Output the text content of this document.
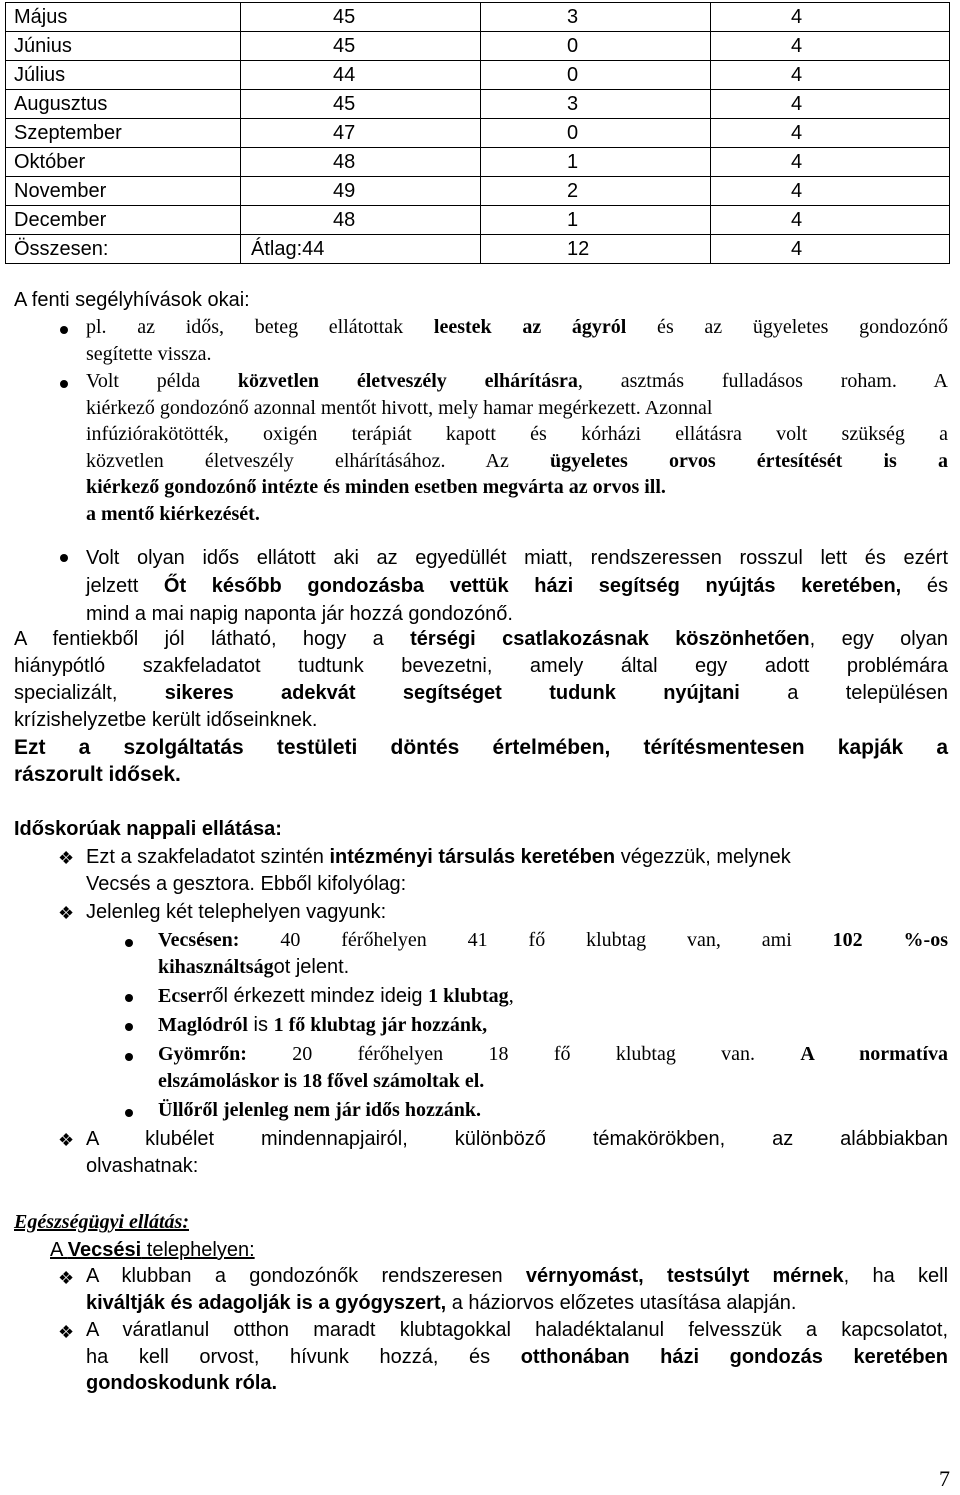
Május	45	3	4
Június	45	0	4
Július	44	0	4
Augusztus	45	3	4
Szeptember	47	0	4
Október	48	1	4
November	49	2	4
December	48	1	4
Összesen:	Átlag:44	12	4
A fenti segélyhívások okai:
pl. az idős, beteg ellátottak leestek az ágyról és az ügyeletes gondozónő
segítette vissza.
Volt példa közvetlen életveszély elhárításra, asztmás fulladásos roham. A
kiérkező gondozónő azonnal mentőt hivott, mely hamar megérkezett. Azonnal
infúziórakötötték, oxigén terápiát kapott és kórházi ellátásra volt szükség a
közvetlen életveszély elhárításához. Az ügyeletes orvos értesítését is a
kiérkező gondozónő intézte és minden esetben megvárta az orvos ill.
a mentő kiérkezését.
Volt olyan idős ellátott aki az egyedüllét miatt, rendszeressen rosszul lett és ezért
jelzett Őt később gondozásba vettük házi segítség nyújtás keretében, és
mind a mai napig naponta jár hozzá gondozónő.
A fentiekből jól látható, hogy a térségi csatlakozásnak köszönhetően, egy olyan
hiánypótló szakfeladatot tudtunk bevezetni, amely által egy adott problémára
specializált, sikeres adekvát segítséget tudunk nyújtani a településen
krízishelyzetbe került időseinknek.
Ezt a szolgáltatás testületi döntés értelmében, térítésmentesen kapják a
rászorult idősek.
Időskorúak nappali ellátása:
❖ Ezt a szakfeladatot szintén intézményi társulás keretében végezzük, melynek
Vecsés a gesztora. Ebből kifolyólag:
❖ Jelenleg két telephelyen vagyunk:
Vecsésen: 40 férőhelyen 41 fő klubtag van, ami 102 %-os
kihasználtságot jelent.
Ecserről érkezett mindez ideig 1 klubtag,
Maglódról is 1 fő klubtag jár hozzánk,
Gyömrőn: 20 férőhelyen 18 fő klubtag van. A normatíva
elszámoláskor is 18 fővel számoltak el.
Üllőről jelenleg nem jár idős hozzánk.
❖ A klubélet mindennapjairól, különböző témakörökben, az alábbiakban
olvashatnak:
Egészségügyi ellátás:
A Vecsési telephelyen:
❖ A klubban a gondozónők rendszeresen vérnyomást, testsúlyt mérnek, ha kell
kiváltják és adagolják is a gyógyszert, a háziorvos előzetes utasítása alapján.
❖ A váratlanul otthon maradt klubtagokkal haladéktalanul felvesszük a kapcsolatot,
ha kell orvost, hívunk hozzá, és otthonában házi gondozás keretében
gondoskodunk róla.
7
